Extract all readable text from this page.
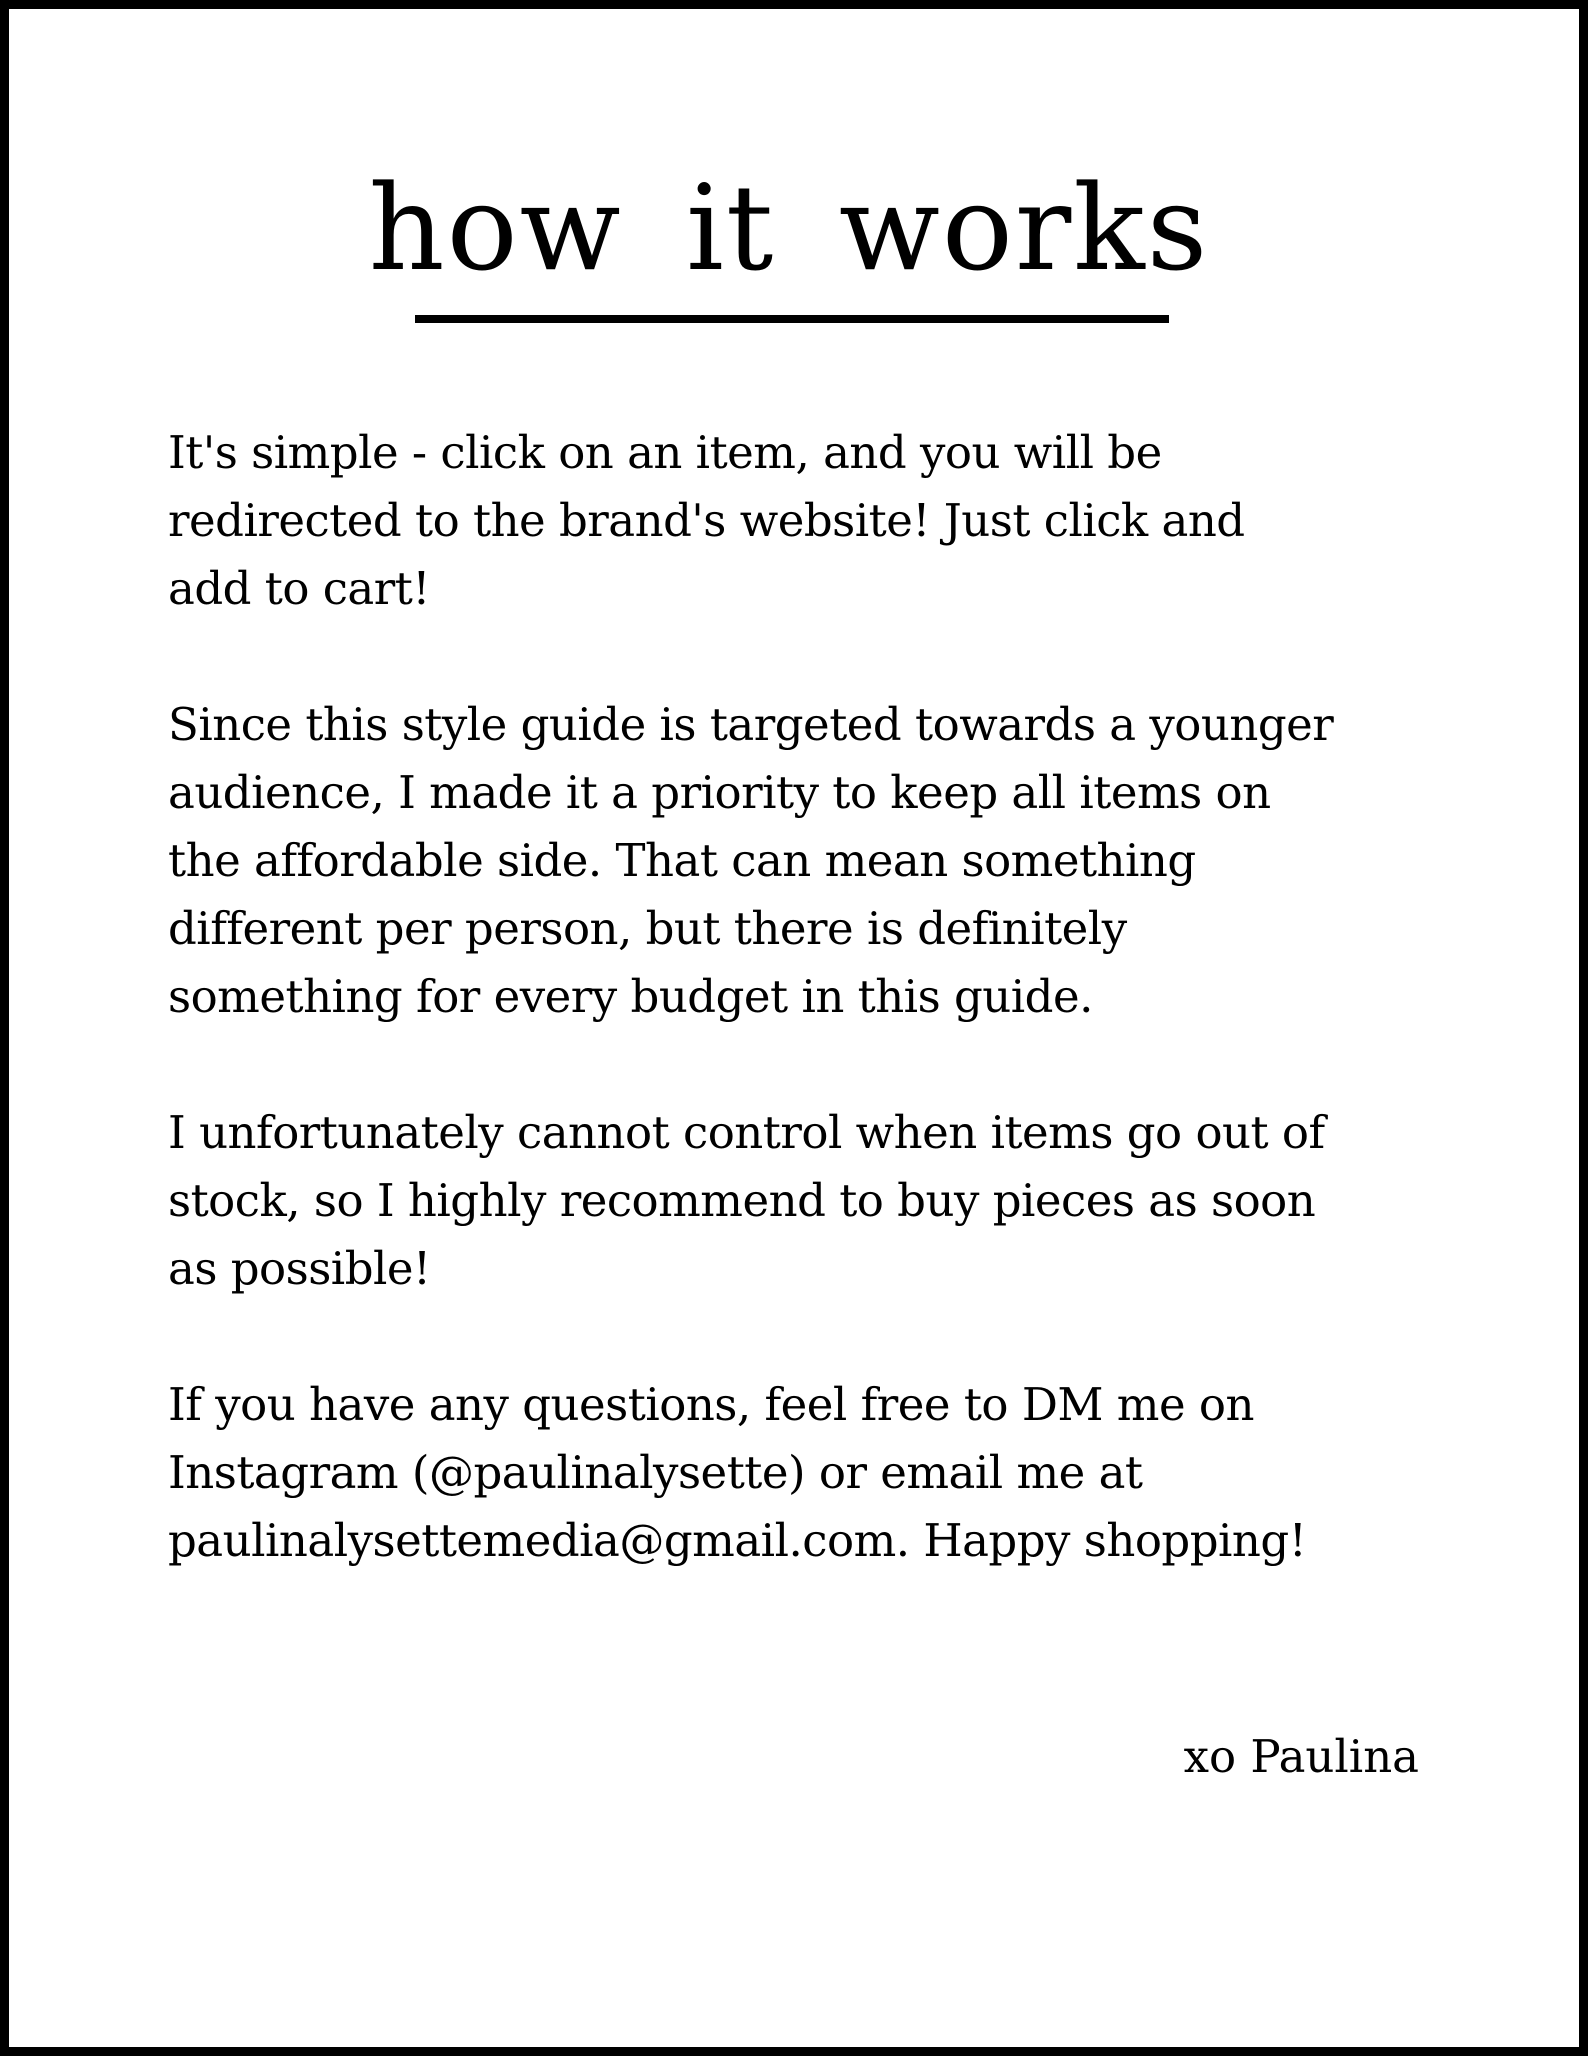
how it works

It's simple - click on an item, and you will be
redirected to the brand's website! Just click and
add to cart!

Since this style guide is targeted towards a younger
audience, I made it a priority to keep all items on
the affordable side. That can mean something
different per person, but there is definitely
something for every budget in this guide.

I unfortunately cannot control when items go out of
stock, so I highly recommend to buy pieces as soon
as possible!

If you have any questions, feel free to DM me on
Instagram (@paulinalysette) or email me at
paulinalysettemedia@gmail.com. Happy shopping!

xo Paulina
